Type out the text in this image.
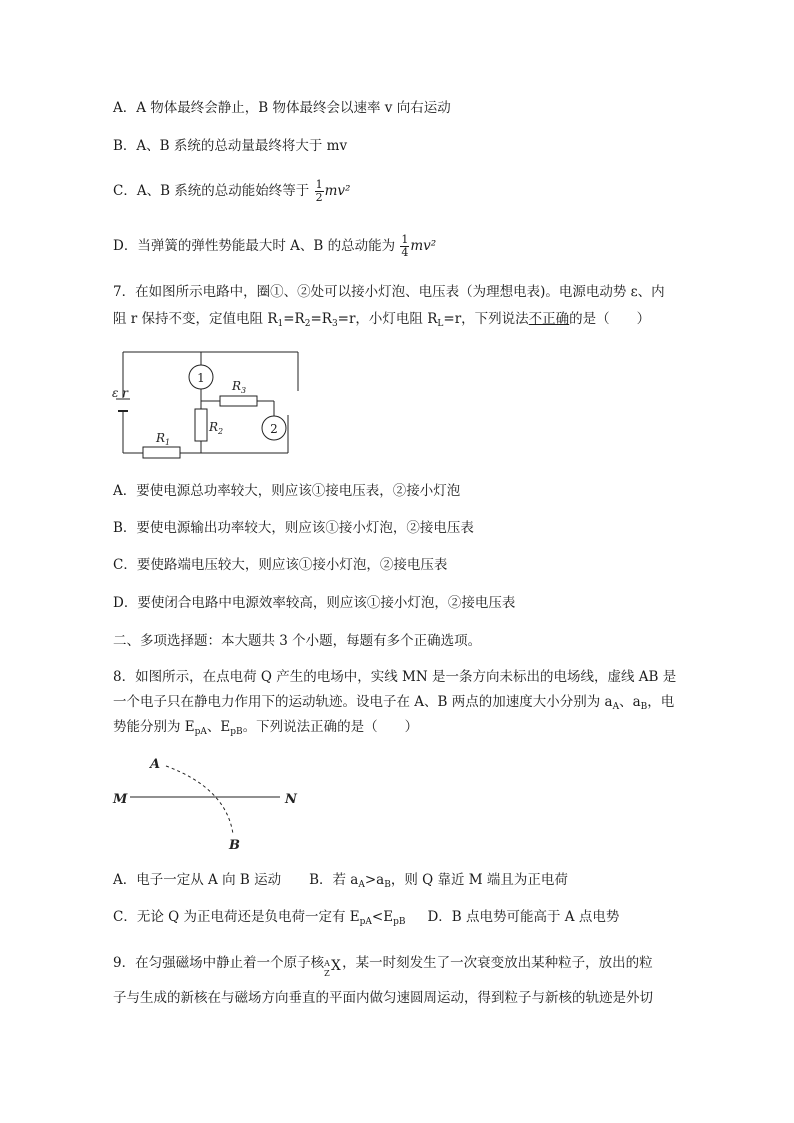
A．A 物体最终会静止，B 物体最终会以速率 v 向右运动
B．A、B 系统的总动量最终将大于 mv
C．A、B 系统的总动能始终等于 $\frac{1}{2} mv^2$
D．当弹簧的弹性势能最大时 A、B 的总动能为 $\frac{1}{4} mv^2$
7．在如图所示电路中，圈①、②处可以接小灯泡、电压表（为理想电表)。电源电动势 ε、内
阻 r 保持不变，定值电阻 $R_1=R_2=R_3=r$，小灯电阻 $R_L=r$，下列说法不正确的是（　　）
1
2
ε r
$R_1$
$R_2$
$R_3$
A．要使电源总功率较大，则应该①接电压表，②接小灯泡
B．要使电源输出功率较大，则应该①接小灯泡，②接电压表
C．要使路端电压较大，则应该①接小灯泡，②接电压表
D．要使闭合电路中电源效率较高，则应该①接小灯泡，②接电压表
二、多项选择题：本大题共 3 个小题，每题有多个正确选项。
8．如图所示，在点电荷 Q 产生的电场中，实线 MN 是一条方向未标出的电场线，虚线 AB 是
一个电子只在静电力作用下的运动轨迹。设电子在 A、B 两点的加速度大小分别为 $a_A$、$a_B$，电
势能分别为 $E_{pA}$、$E_{pB}$。下列说法正确的是（　　）
A
B
M	N
A．电子一定从 A 向 B 运动 B．若 $a_A>a_B$，则 Q 靠近 M 端且为正电荷
C．无论 Q 为正电荷还是负电荷一定有 $E_{pA}<E_{pB}$ D．B 点电势可能高于 A 点电势
9．在匀强磁场中静止着一个原子核 A
Z X ，某一时刻发生了一次衰变放出某种粒子，放出的粒
子与生成的新核在与磁场方向垂直的平面内做匀速圆周运动，得到粒子与新核的轨迹是外切
